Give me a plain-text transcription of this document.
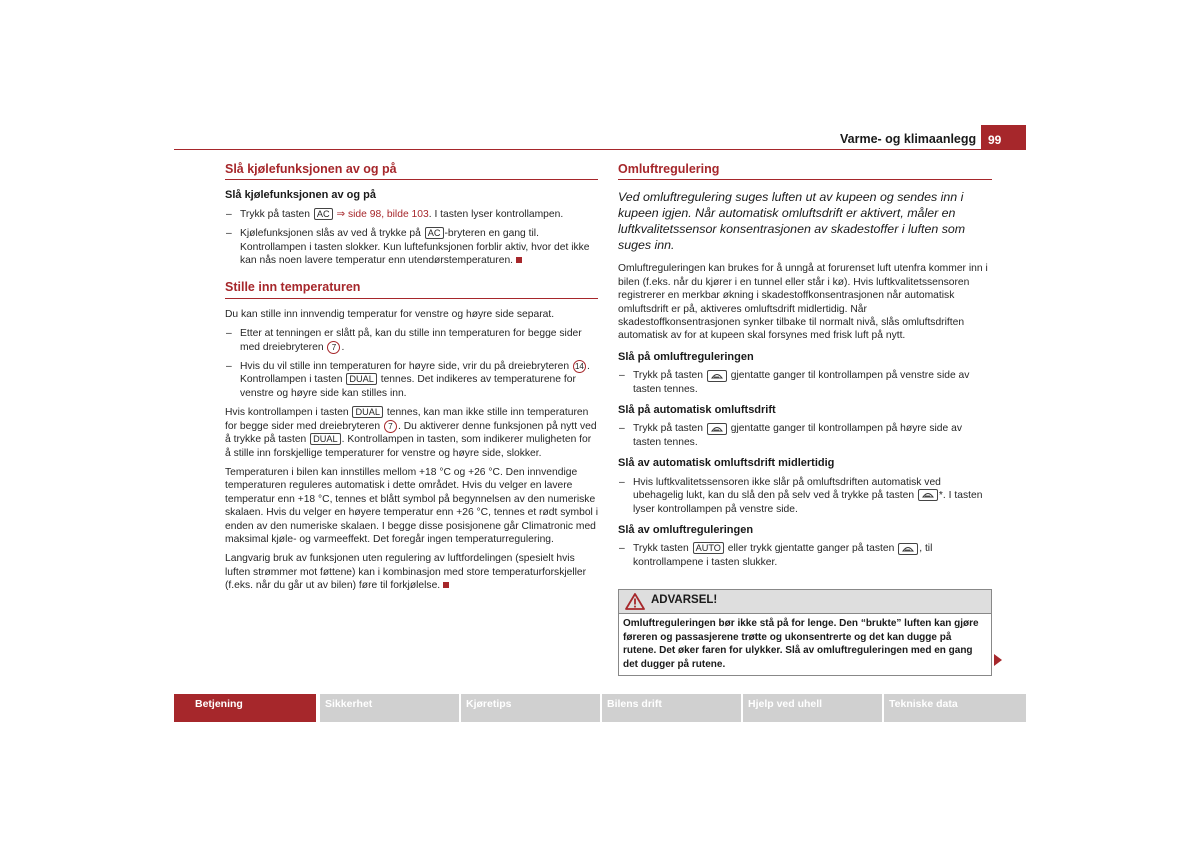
Varme- og klimaanlegg 99
Slå kjølefunksjonen av og på
Slå kjølefunksjonen av og på
– Trykk på tasten AC ⇒ side 98, bilde 103. I tasten lyser kontrollampen.
– Kjølefunksjonen slås av ved å trykke på AC -bryteren en gang til. Kontrollampen i tasten slokker. Kun luftefunksjonen forblir aktiv, hvor det ikke kan nås noen lavere temperatur enn utendørstemperaturen.
Stille inn temperaturen

Du kan stille inn innvendig temperatur for venstre og høyre side separat.

– Etter at tenningen er slått på, kan du stille inn temperaturen for begge sider med dreiebryteren 7 .
– Hvis du vil stille inn temperaturen for høyre side, vrir du på dreiebryteren 14 . Kontrollampen i tasten DUAL tennes. Det indikeres av temperaturene for venstre og høyre side kan stilles inn.

Hvis kontrollampen i tasten DUAL tennes, kan man ikke stille inn temperaturen for begge sider med dreiebryteren 7 . Du aktiverer denne funksjonen på nytt ved å trykke på tasten DUAL . Kontrollampen in tasten, som indikerer muligheten for å stille inn forskjellige temperaturer for venstre og høyre side, slokker.

Temperaturen i bilen kan innstilles mellom +18 °C og +26 °C. Den innvendige temperaturen reguleres automatisk i dette området. Hvis du velger en lavere temperatur enn +18 °C, tennes et blått symbol på begynnelsen av den numeriske skalaen. Hvis du velger en høyere temperatur enn +26 °C, tennes et rødt symbol i enden av den numeriske skalaen. I begge disse posisjonene går Climatronic med maksimal kjøle- og varmeeffekt. Det foregår ingen temperaturregulering.

Langvarig bruk av funksjonen uten regulering av luftfordelingen (spesielt hvis luften strømmer mot føttene) kan i kombinasjon med store temperaturforskjeller (f.eks. når du går ut av bilen) føre til forkjølelse.

Omluftregulering
Ved omluftregulering suges luften ut av kupeen og sendes inn i kupeen igjen. Når automatisk omluftsdrift er aktivert, måler en luftkvalitetssensor konsentrasjonen av skadestoffer i luften som suges inn.

Omluftreguleringen kan brukes for å unngå at forurenset luft utenfra kommer inn i bilen (f.eks. når du kjører i en tunnel eller står i kø). Hvis luftkvalitetssensoren registrerer en merkbar økning i skadestoffkonsentrasjonen når automatisk omluftsdrift er på, aktiveres omluftsdrift midlertidig. Når skadestoffkonsentrasjonen synker tilbake til normalt nivå, slås omluftsdriften automatisk av for at kupeen skal forsynes med frisk luft på nytt.

Slå på omluftreguleringen
– Trykk på tasten
gjentatte ganger til kontrollampen på venstre side av tasten tennes.
Slå på automatisk omluftsdrift
– Trykk på tasten
gjentatte ganger til kontrollampen på høyre side av tasten tennes.
Slå av automatisk omluftsdrift midlertidig
– Hvis luftkvalitetssensoren ikke slår på omluftsdriften automatisk ved ubehagelig lukt, kan du slå den på selv ved å trykke på tasten
*. I tasten lyser kontrollampen på venstre side.
Slå av omluftreguleringen
– Trykk tasten AUTO eller trykk gjentatte ganger på tasten
, til kontrollampene i tasten slukker.
ADVARSEL!
Omluftreguleringen bør ikke stå på for lenge. Den “brukte” luften kan gjøre føreren og passasjerene trøtte og ukonsentrerte og det kan dugge på rutene. Det øker faren for ulykker. Slå av omluftreguleringen med en gang det dugger på rutene.
Betjening	Sikkerhet	Kjøretips	Bilens drift	Hjelp ved uhell	Tekniske data
